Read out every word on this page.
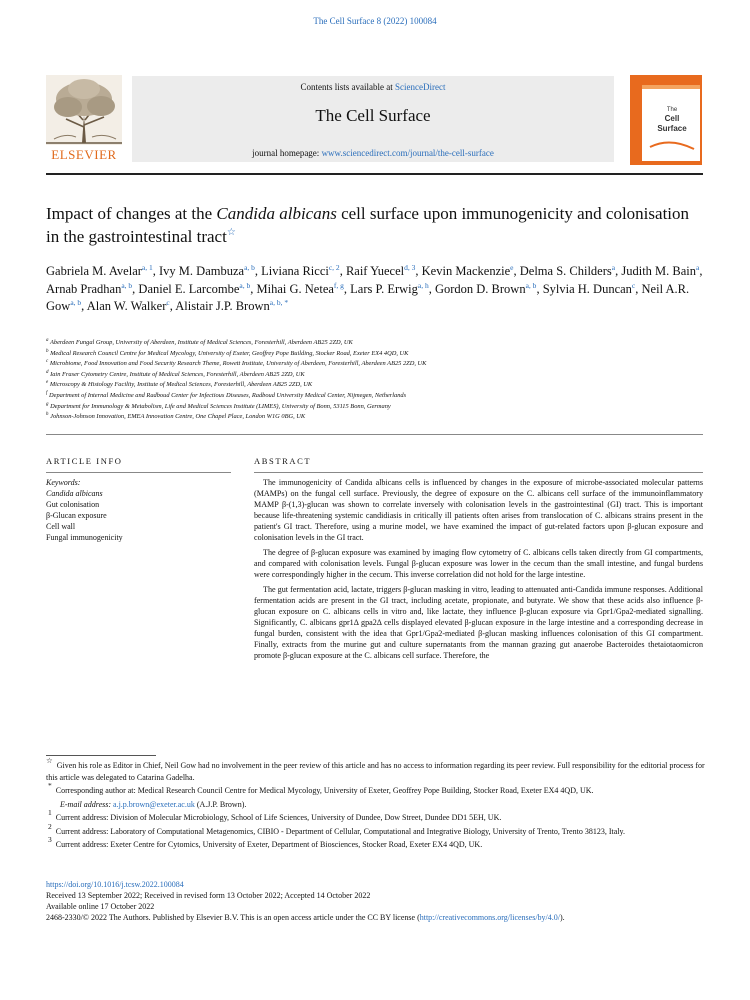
The Cell Surface 8 (2022) 100084
ELSEVIER
Contents lists available at ScienceDirect
The Cell Surface
journal homepage: www.sciencedirect.com/journal/the-cell-surface
The
Cell
Surface
Impact of changes at the Candida albicans cell surface upon immunogenicity and colonisation in the gastrointestinal tract☆
Gabriela M. Avelar$^{a, 1}$, Ivy M. Dambuza$^{a, b}$, Liviana Ricci$^{c, 2}$, Raif Yuecel$^{d, 3}$, Kevin Mackenzie$^e$, Delma S. Childers$^a$, Judith M. Bain$^a$, Arnab Pradhan$^{a, b}$, Daniel E. Larcombe$^{a, b}$, Mihai G. Netea$^{f, g}$, Lars P. Erwig$^{a, h}$, Gordon D. Brown$^{a, b}$, Sylvia H. Duncan$^c$, Neil A.R. Gow$^{a, b}$, Alan W. Walker$^c$, Alistair J.P. Brown$^{a, b, *}$
$^a$ Aberdeen Fungal Group, University of Aberdeen, Institute of Medical Sciences, Foresterhill, Aberdeen AB25 2ZD, UK
$^b$ Medical Research Council Centre for Medical Mycology, University of Exeter, Geoffrey Pope Building, Stocker Road, Exeter EX4 4QD, UK
$^c$ Microbiome, Food Innovation and Food Security Research Theme, Rowett Institute, University of Aberdeen, Foresterhill, Aberdeen AB25 2ZD, UK
$^d$ Iain Fraser Cytometry Centre, Institute of Medical Sciences, Foresterhill, Aberdeen AB25 2ZD, UK
$^e$ Microscopy & Histology Facility, Institute of Medical Sciences, Foresterhill, Aberdeen AB25 2ZD, UK
$^f$ Department of Internal Medicine and Radboud Center for Infectious Diseases, Radboud University Medical Center, Nijmegen, Netherlands
$^g$ Department for Immunology & Metabolism, Life and Medical Sciences Institute (LIMES), University of Bonn, 53115 Bonn, Germany
$^h$ Johnson-Johnson Innovation, EMEA Innovation Centre, One Chapel Place, London W1G 0BG, UK
ARTICLE INFO
Keywords:
Candida albicans
Gut colonisation
β-Glucan exposure
Cell wall
Fungal immunogenicity
ABSTRACT

The immunogenicity of Candida albicans cells is influenced by changes in the exposure of microbe-associated molecular patterns (MAMPs) on the fungal cell surface. Previously, the degree of exposure on the C. albicans cell surface of the immunoinflammatory MAMP β-(1,3)-glucan was shown to correlate inversely with colonisation levels in the gastrointestinal (GI) tract. This is important because life-threatening systemic candidiasis in critically ill patients often arises from translocation of C. albicans strains present in the patient's GI tract. Therefore, using a murine model, we have examined the impact of gut-related factors upon β-glucan exposure and colonisation levels in the GI tract.

The degree of β-glucan exposure was examined by imaging flow cytometry of C. albicans cells taken directly from GI compartments, and compared with colonisation levels. Fungal β-glucan exposure was lower in the cecum than the small intestine, and fungal burdens were correspondingly higher in the cecum. This inverse correlation did not hold for the large intestine.

The gut fermentation acid, lactate, triggers β-glucan masking in vitro, leading to attenuated anti-Candida immune responses. Additional fermentation acids are present in the GI tract, including acetate, propionate, and butyrate. We show that these acids also influence β-glucan exposure on C. albicans cells in vitro and, like lactate, they influence β-glucan exposure via Gpr1/Gpa2-mediated signalling. Significantly, C. albicans gpr1Δ gpa2Δ cells displayed elevated β-glucan exposure in the large intestine and a corresponding decrease in fungal burden, consistent with the idea that Gpr1/Gpa2-mediated β-glucan masking influences colonisation of this GI compartment. Finally, extracts from the murine gut and culture supernatants from the mannan grazing gut anaerobe Bacteroides thetaiotaomicron promote β-glucan exposure at the C. albicans cell surface. Therefore, the

☆  Given his role as Editor in Chief, Neil Gow had no involvement in the peer review of this article and has no access to information regarding its peer review. Full responsibility for the editorial process for this article was delegated to Catarina Gadelha.
*  Corresponding author at: Medical Research Council Centre for Medical Mycology, University of Exeter, Geoffrey Pope Building, Stocker Road, Exeter EX4 4QD, UK.
E-mail address: a.j.p.brown@exeter.ac.uk (A.J.P. Brown).
$^1$  Current address: Division of Molecular Microbiology, School of Life Sciences, University of Dundee, Dow Street, Dundee DD1 5EH, UK.
$^2$  Current address: Laboratory of Computational Metagenomics, CIBIO - Department of Cellular, Computational and Integrative Biology, University of Trento, Trento 38123, Italy.
$^3$  Current address: Exeter Centre for Cytomics, University of Exeter, Department of Biosciences, Stocker Road, Exeter EX4 4QD, UK.
https://doi.org/10.1016/j.tcsw.2022.100084
Received 13 September 2022; Received in revised form 13 October 2022; Accepted 14 October 2022
Available online 17 October 2022
2468-2330/© 2022 The Authors. Published by Elsevier B.V. This is an open access article under the CC BY license (http://creativecommons.org/licenses/by/4.0/).
